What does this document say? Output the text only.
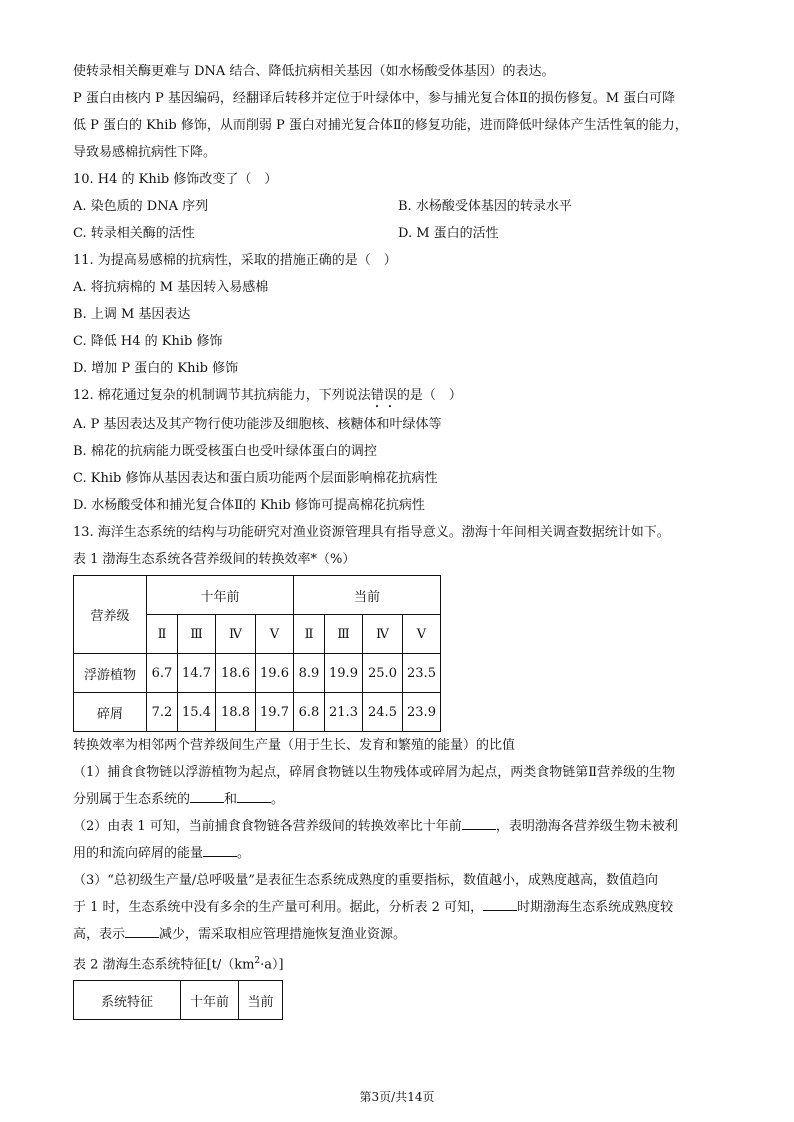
使转录相关酶更难与 DNA 结合、降低抗病相关基因（如水杨酸受体基因）的表达。
P 蛋白由核内 P 基因编码，经翻译后转移并定位于叶绿体中，参与捕光复合体Ⅱ的损伤修复。M 蛋白可降
低 P 蛋白的 Khib 修饰，从而削弱 P 蛋白对捕光复合体Ⅱ的修复功能，进而降低叶绿体产生活性氧的能力，
导致易感棉抗病性下降。
10. H4 的 Khib 修饰改变了（　）
A. 染色质的 DNA 序列	B. 水杨酸受体基因的转录水平
C. 转录相关酶的活性	D. M 蛋白的活性
11. 为提高易感棉的抗病性，采取的措施正确的是（　）
A. 将抗病棉的 M 基因转入易感棉
B. 上调 M 基因表达
C. 降低 H4 的 Khib 修饰
D. 增加 P 蛋白的 Khib 修饰
12. 棉花通过复杂的机制调节其抗病能力，下列说法错误的是（　）
A. P 基因表达及其产物行使功能涉及细胞核、核糖体和叶绿体等
B. 棉花的抗病能力既受核蛋白也受叶绿体蛋白的调控
C. Khib 修饰从基因表达和蛋白质功能两个层面影响棉花抗病性
D. 水杨酸受体和捕光复合体Ⅱ的 Khib 修饰可提高棉花抗病性
13. 海洋生态系统的结构与功能研究对渔业资源管理具有指导意义。渤海十年间相关调查数据统计如下。
表 1 渤海生态系统各营养级间的转换效率*（%）
营养级	十年前				当前			
	Ⅱ	Ⅲ	Ⅳ	Ⅴ	Ⅱ	Ⅲ	Ⅳ	Ⅴ
浮游植物	6.7	14.7	18.6	19.6	8.9	19.9	25.0	23.5
碎屑	7.2	15.4	18.8	19.7	6.8	21.3	24.5	23.9
转换效率为相邻两个营养级间生产量（用于生长、发育和繁殖的能量）的比值
（1）捕食食物链以浮游植物为起点，碎屑食物链以生物残体或碎屑为起点，两类食物链第Ⅱ营养级的生物
分别属于生态系统的	和	。
（2）由表 1 可知，当前捕食食物链各营养级间的转换效率比十年前	，表明渤海各营养级生物未被利
用的和流向碎屑的能量	。
（3）“总初级生产量/总呼吸量”是表征生态系统成熟度的重要指标，数值越小，成熟度越高，数值趋向
于 1 时，生态系统中没有多余的生产量可利用。据此，分析表 2 可知，	时期渤海生态系统成熟度较
高，表示	减少，需采取相应管理措施恢复渔业资源。
表 2 渤海生态系统特征$[t/(km^2\cdot a)]$
系统特征	十年前	当前
第3页/共14页
